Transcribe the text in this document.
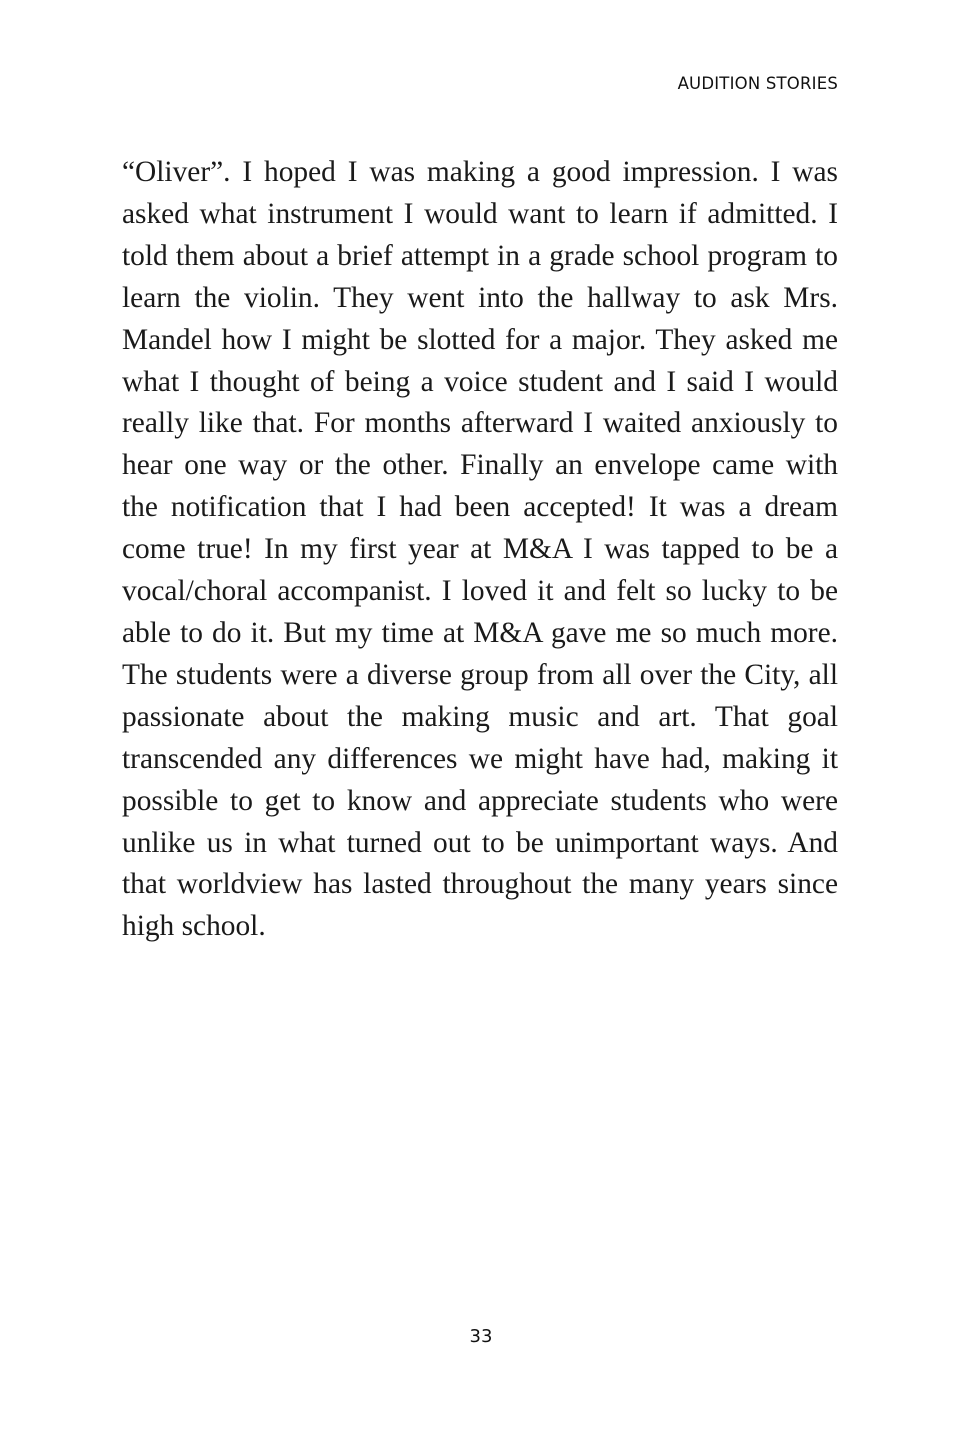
AUDITION STORIES

“Oliver”. I hoped I was making a good impression. I was asked what instrument I would want to learn if admitted. I told them about a brief attempt in a grade school program to learn the violin. They went into the hallway to ask Mrs. Mandel how I might be slotted for a major. They asked me what I thought of being a voice student and I said I would really like that. For months afterward I waited anxiously to hear one way or the other. Finally an envelope came with the notification that I had been accepted! It was a dream come true! In my first year at M&A I was tapped to be a vocal/choral accompanist. I loved it and felt so lucky to be able to do it. But my time at M&A gave me so much more. The students were a diverse group from all over the City, all passionate about the making music and art. That goal transcended any differences we might have had, making it possible to get to know and appreciate students who were unlike us in what turned out to be unimportant ways. And that worldview has lasted throughout the many years since high school.

33
